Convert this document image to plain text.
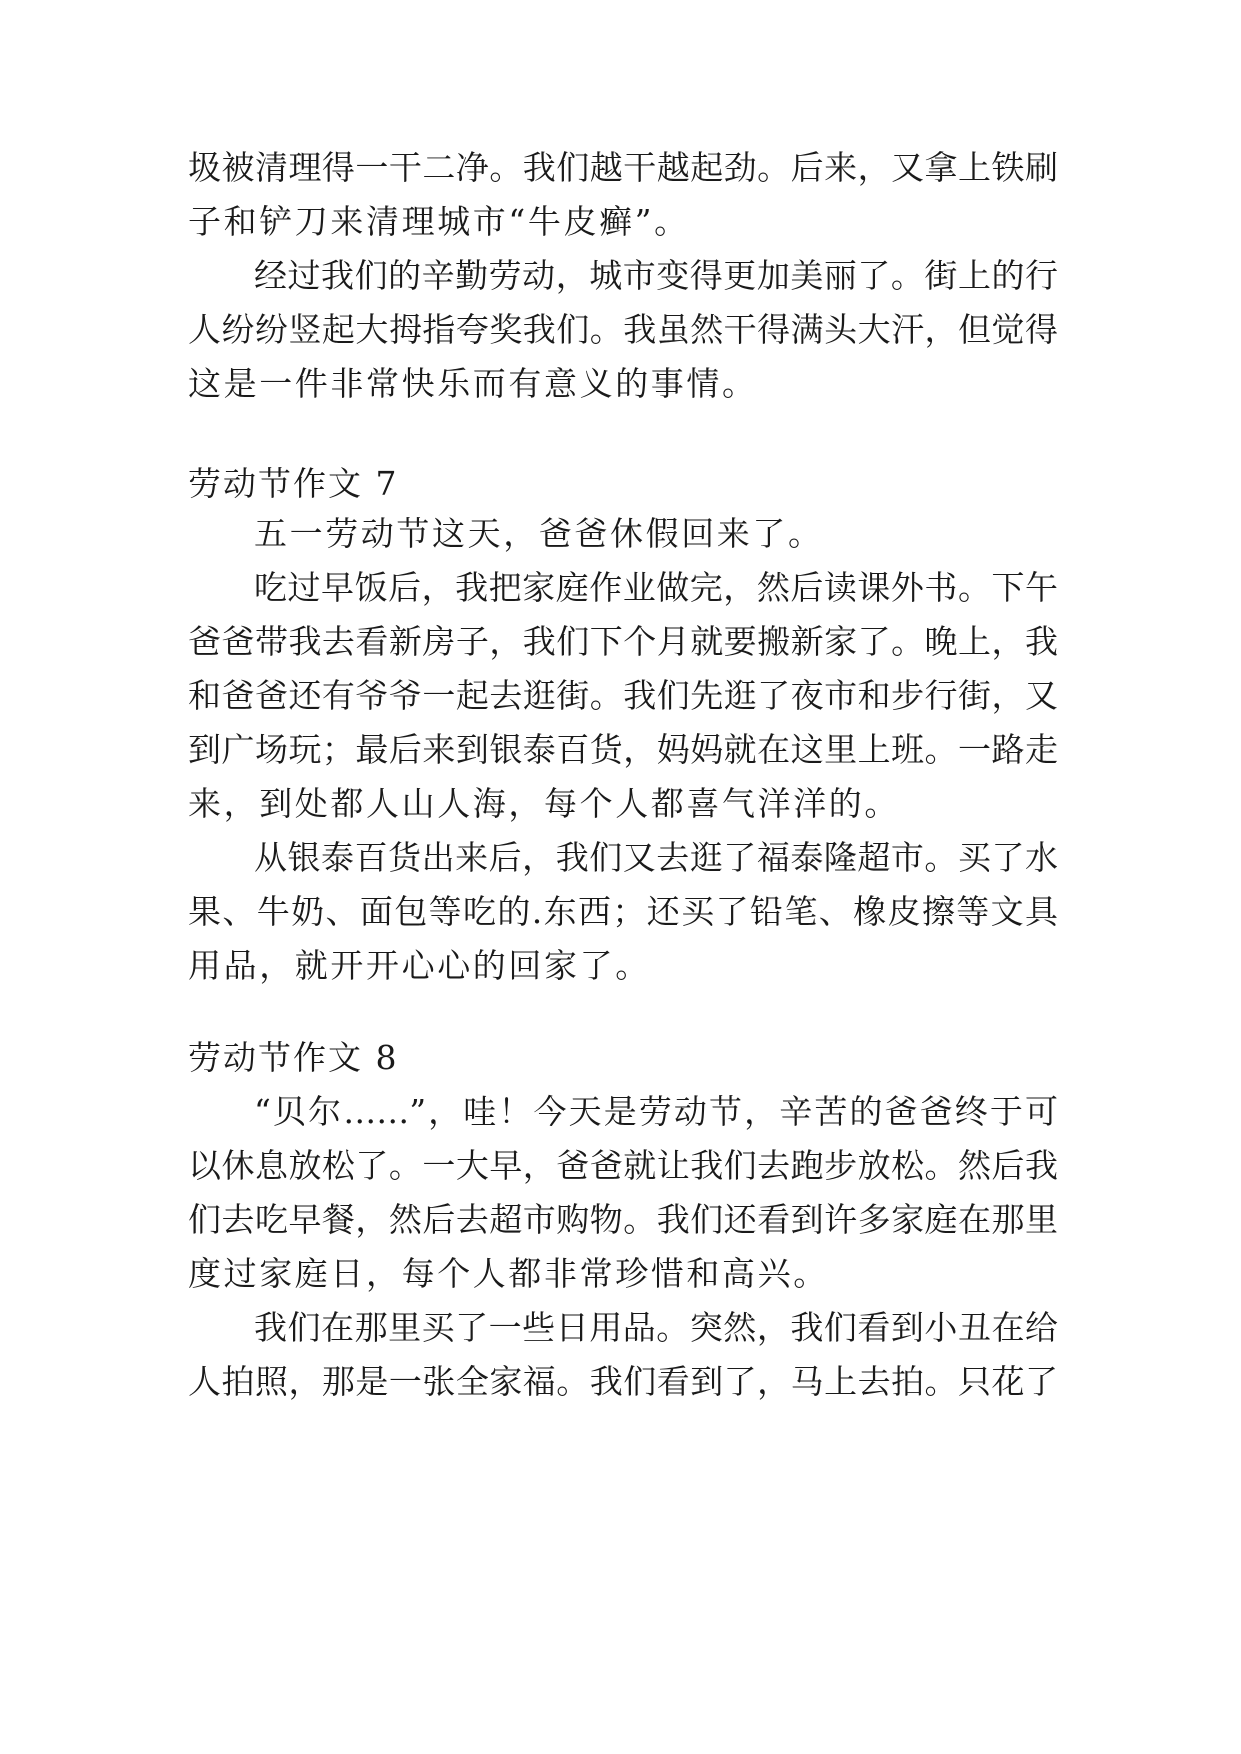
圾被清理得一干二净。我们越干越起劲。后来，又拿上铁刷
子和铲刀来清理城市“牛皮癣”。
经过我们的辛勤劳动，城市变得更加美丽了。街上的行
人纷纷竖起大拇指夸奖我们。我虽然干得满头大汗，但觉得
这是一件非常快乐而有意义的事情。
劳动节作文 7
五一劳动节这天，爸爸休假回来了。
吃过早饭后，我把家庭作业做完，然后读课外书。下午
爸爸带我去看新房子，我们下个月就要搬新家了。晚上，我
和爸爸还有爷爷一起去逛街。我们先逛了夜市和步行街，又
到广场玩；最后来到银泰百货，妈妈就在这里上班。一路走
来，到处都人山人海，每个人都喜气洋洋的。
从银泰百货出来后，我们又去逛了福泰隆超市。买了水
果、牛奶、面包等吃的.东西；还买了铅笔、橡皮擦等文具
用品，就开开心心的回家了。
劳动节作文 8
“贝尔……”，哇！今天是劳动节，辛苦的爸爸终于可
以休息放松了。一大早，爸爸就让我们去跑步放松。然后我
们去吃早餐，然后去超市购物。我们还看到许多家庭在那里
度过家庭日，每个人都非常珍惜和高兴。
我们在那里买了一些日用品。突然，我们看到小丑在给
人拍照，那是一张全家福。我们看到了，马上去拍。只花了
